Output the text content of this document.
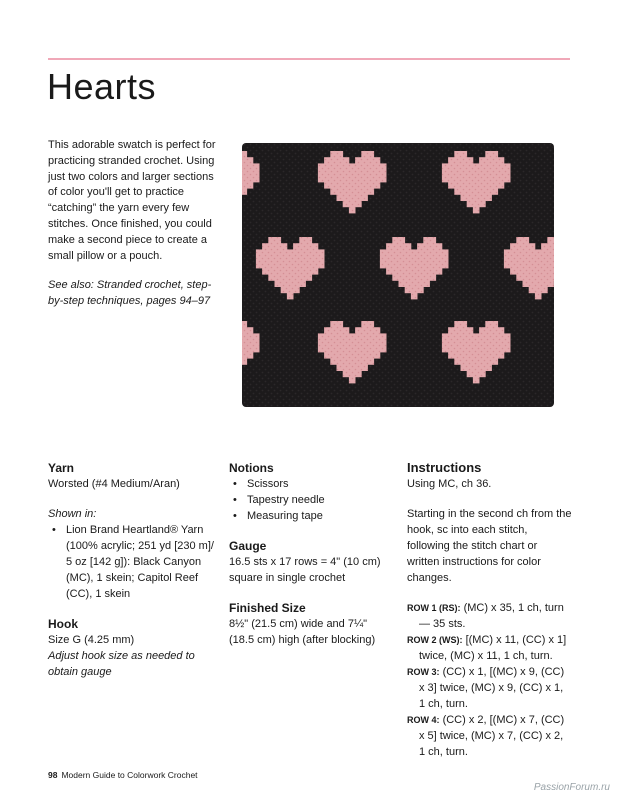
Hearts

This adorable swatch is perfect for practicing stranded crochet. Using just two colors and larger sections of color you'll get to practice “catching” the yarn every few stitches. Once finished, you could make a second piece to create a small pillow or a pouch.

See also: Stranded crochet, step-by-step techniques, pages 94–97

Yarn

Worsted (#4 Medium/Aran)

Shown in:

• Lion Brand Heartland® Yarn (100% acrylic; 251 yd [230 m]/ 5 oz [142 g]): Black Canyon (MC), 1 skein; Capitol Reef (CC), 1 skein
Hook

Size G (4.25 mm)

Adjust hook size as needed to obtain gauge

Notions
• Scissors
• Tapestry needle
• Measuring tape
Gauge

16.5 sts x 17 rows = 4" (10 cm) square in single crochet

Finished Size

8½" (21.5 cm) wide and 7¼" (18.5 cm) high (after blocking)

Instructions

Using MC, ch 36.

Starting in the second ch from the hook, sc into each stitch, following the stitch chart or written instructions for color changes.

ROW 1 (RS): (MC) x 35, 1 ch, turn— 35 sts.

ROW 2 (WS): [(MC) x 11, (CC) x 1] twice, (MC) x 11, 1 ch, turn.

ROW 3: (CC) x 1, [(MC) x 9, (CC) x 3] twice, (MC) x 9, (CC) x 1, 1 ch, turn.

ROW 4: (CC) x 2, [(MC) x 7, (CC) x 5] twice, (MC) x 7, (CC) x 2, 1 ch, turn.

98 Modern Guide to Colorwork Crochet
PassionForum.ru
